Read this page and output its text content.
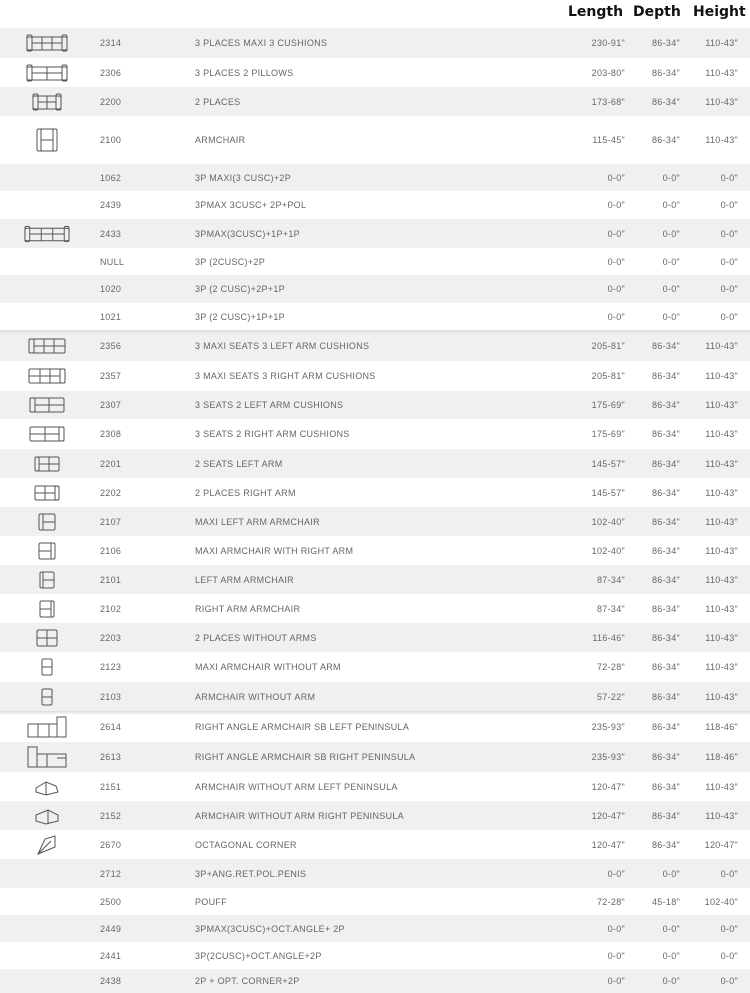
Length Depth Height
2314	3 PLACES MAXI 3 CUSHIONS	230-91"	86-34"	110-43"
2306	3 PLACES 2 PILLOWS	203-80"	86-34"	110-43"
2200	2 PLACES	173-68"	86-34"	110-43"
2100	ARMCHAIR	115-45"	86-34"	110-43"
1062	3P MAXI(3 CUSC)+2P	0-0"	0-0"	0-0"
2439	3PMAX 3CUSC+ 2P+POL	0-0"	0-0"	0-0"
2433	3PMAX(3CUSC)+1P+1P	0-0"	0-0"	0-0"
NULL	3P (2CUSC)+2P	0-0"	0-0"	0-0"
1020	3P (2 CUSC)+2P+1P	0-0"	0-0"	0-0"
1021	3P (2 CUSC)+1P+1P	0-0"	0-0"	0-0"
2356	3 MAXI SEATS 3 LEFT ARM CUSHIONS	205-81"	86-34"	110-43"
2357	3 MAXI SEATS 3 RIGHT ARM CUSHIONS	205-81"	86-34"	110-43"
2307	3 SEATS 2 LEFT ARM CUSHIONS	175-69"	86-34"	110-43"
2308	3 SEATS 2 RIGHT ARM CUSHIONS	175-69"	86-34"	110-43"
2201	2 SEATS LEFT ARM	145-57"	86-34"	110-43"
2202	2 PLACES RIGHT ARM	145-57"	86-34"	110-43"
2107	MAXI LEFT ARM ARMCHAIR	102-40"	86-34"	110-43"
2106	MAXI ARMCHAIR WITH RIGHT ARM	102-40"	86-34"	110-43"
2101	LEFT ARM ARMCHAIR	87-34"	86-34"	110-43"
2102	RIGHT ARM ARMCHAIR	87-34"	86-34"	110-43"
2203	2 PLACES WITHOUT ARMS	116-46"	86-34"	110-43"
2123	MAXI ARMCHAIR WITHOUT ARM	72-28"	86-34"	110-43"
2103	ARMCHAIR WITHOUT ARM	57-22"	86-34"	110-43"
2614	RIGHT ANGLE ARMCHAIR SB LEFT PENINSULA	235-93"	86-34"	118-46"
2613	RIGHT ANGLE ARMCHAIR SB RIGHT PENINSULA	235-93"	86-34"	118-46"
2151	ARMCHAIR WITHOUT ARM LEFT PENINSULA	120-47"	86-34"	110-43"
2152	ARMCHAIR WITHOUT ARM RIGHT PENINSULA	120-47"	86-34"	110-43"
2670	OCTAGONAL CORNER	120-47"	86-34"	120-47"
2712	3P+ANG.RET.POL.PENIS	0-0"	0-0"	0-0"
2500	POUFF	72-28"	45-18"	102-40"
2449	3PMAX(3CUSC)+OCT.ANGLE+ 2P	0-0"	0-0"	0-0"
2441	3P(2CUSC)+OCT.ANGLE+2P	0-0"	0-0"	0-0"
2438	2P + OPT. CORNER+2P	0-0"	0-0"	0-0"
